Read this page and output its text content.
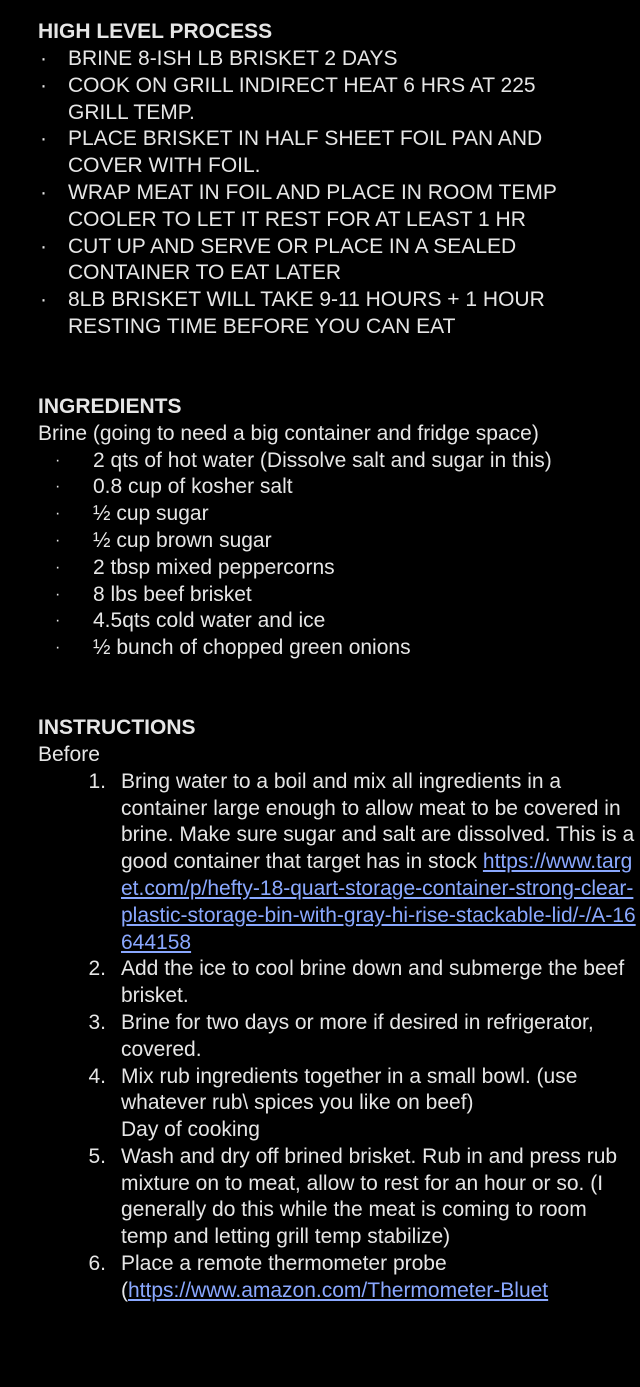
HIGH LEVEL PROCESS

· BRINE 8-ISH LB BRISKET 2 DAYS

· COOK ON GRILL INDIRECT HEAT 6 HRS AT 225 GRILL TEMP.

· PLACE BRISKET IN HALF SHEET FOIL PAN AND COVER WITH FOIL.

· WRAP MEAT IN FOIL AND PLACE IN ROOM TEMP COOLER TO LET IT REST FOR AT LEAST 1 HR

· CUT UP AND SERVE OR PLACE IN A SEALED CONTAINER TO EAT LATER

· 8LB BRISKET WILL TAKE 9-11 HOURS + 1 HOUR RESTING TIME BEFORE YOU CAN EAT

INGREDIENTS

Brine (going to need a big container and fridge space)

· 2 qts of hot water (Dissolve salt and sugar in this)
· 0.8 cup of kosher salt
· ½ cup sugar
· ½ cup brown sugar
· 2 tbsp mixed peppercorns
· 8 lbs beef brisket
· 4.5qts cold water and ice
· ½ bunch of chopped green onions

INSTRUCTIONS

Before

1. Bring water to a boil and mix all ingredients in a container large enough to allow meat to be covered in brine. Make sure sugar and salt are dissolved. This is a good container that target has in stock https://www.target.com/p/hefty-18-quart-storage-container-strong-clear-plastic-storage-bin-with-gray-hi-rise-stackable-lid/-/A-16644158
2. Add the ice to cool brine down and submerge the beef brisket.
3. Brine for two days or more if desired in refrigerator, covered.
4. Mix rub ingredients together in a small bowl. (use whatever rub\ spices you like on beef)

Day of cooking

5. Wash and dry off brined brisket. Rub in and press rub mixture on to meat, allow to rest for an hour or so. (I generally do this while the meat is coming to room temp and letting grill temp stabilize)
6. Place a remote thermometer probe
(https://www.amazon.com/Thermometer-Bluet
